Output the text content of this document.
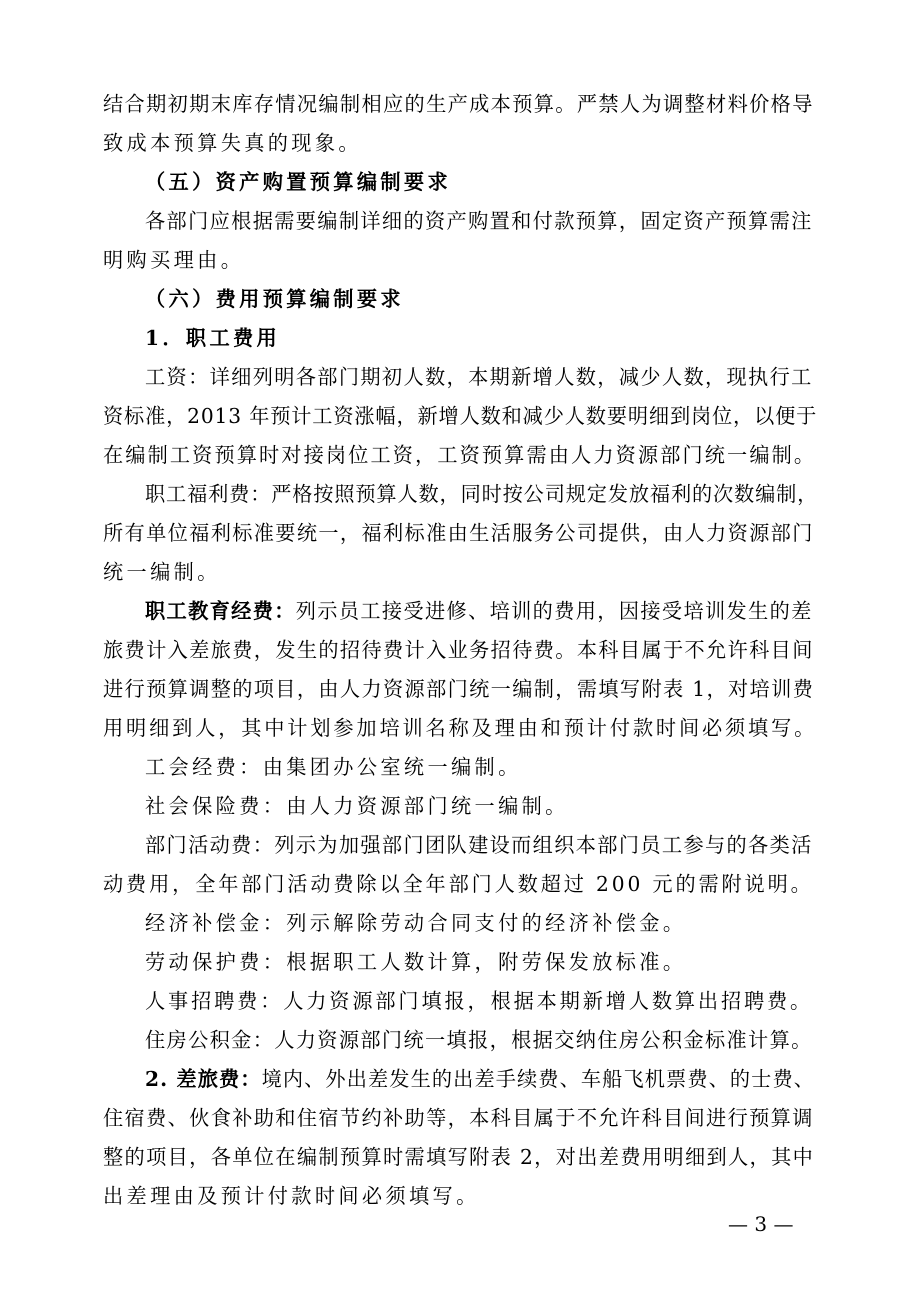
结合期初期末库存情况编制相应的生产成本预算。严禁人为调整材料价格导
致成本预算失真的现象。
（五）资产购置预算编制要求
各部门应根据需要编制详细的资产购置和付款预算，固定资产预算需注
明购买理由。
（六）费用预算编制要求
1．职工费用
工资：详细列明各部门期初人数，本期新增人数，减少人数，现执行工
资标准，2013 年预计工资涨幅，新增人数和减少人数要明细到岗位，以便于
在编制工资预算时对接岗位工资，工资预算需由人力资源部门统一编制。
职工福利费：严格按照预算人数，同时按公司规定发放福利的次数编制，
所有单位福利标准要统一，福利标准由生活服务公司提供，由人力资源部门
统一编制。
职工教育经费：列示员工接受进修、培训的费用，因接受培训发生的差
旅费计入差旅费，发生的招待费计入业务招待费。本科目属于不允许科目间
进行预算调整的项目，由人力资源部门统一编制，需填写附表 1，对培训费
用明细到人，其中计划参加培训名称及理由和预计付款时间必须填写。
工会经费：由集团办公室统一编制。
社会保险费：由人力资源部门统一编制。
部门活动费：列示为加强部门团队建设而组织本部门员工参与的各类活
动费用，全年部门活动费除以全年部门人数超过 200 元的需附说明。
经济补偿金：列示解除劳动合同支付的经济补偿金。
劳动保护费：根据职工人数计算，附劳保发放标准。
人事招聘费：人力资源部门填报，根据本期新增人数算出招聘费。
住房公积金：人力资源部门统一填报，根据交纳住房公积金标准计算。
2. 差旅费：境内、外出差发生的出差手续费、车船飞机票费、的士费、
住宿费、伙食补助和住宿节约补助等，本科目属于不允许科目间进行预算调
整的项目，各单位在编制预算时需填写附表 2，对出差费用明细到人，其中
出差理由及预计付款时间必须填写。
— 3 —
